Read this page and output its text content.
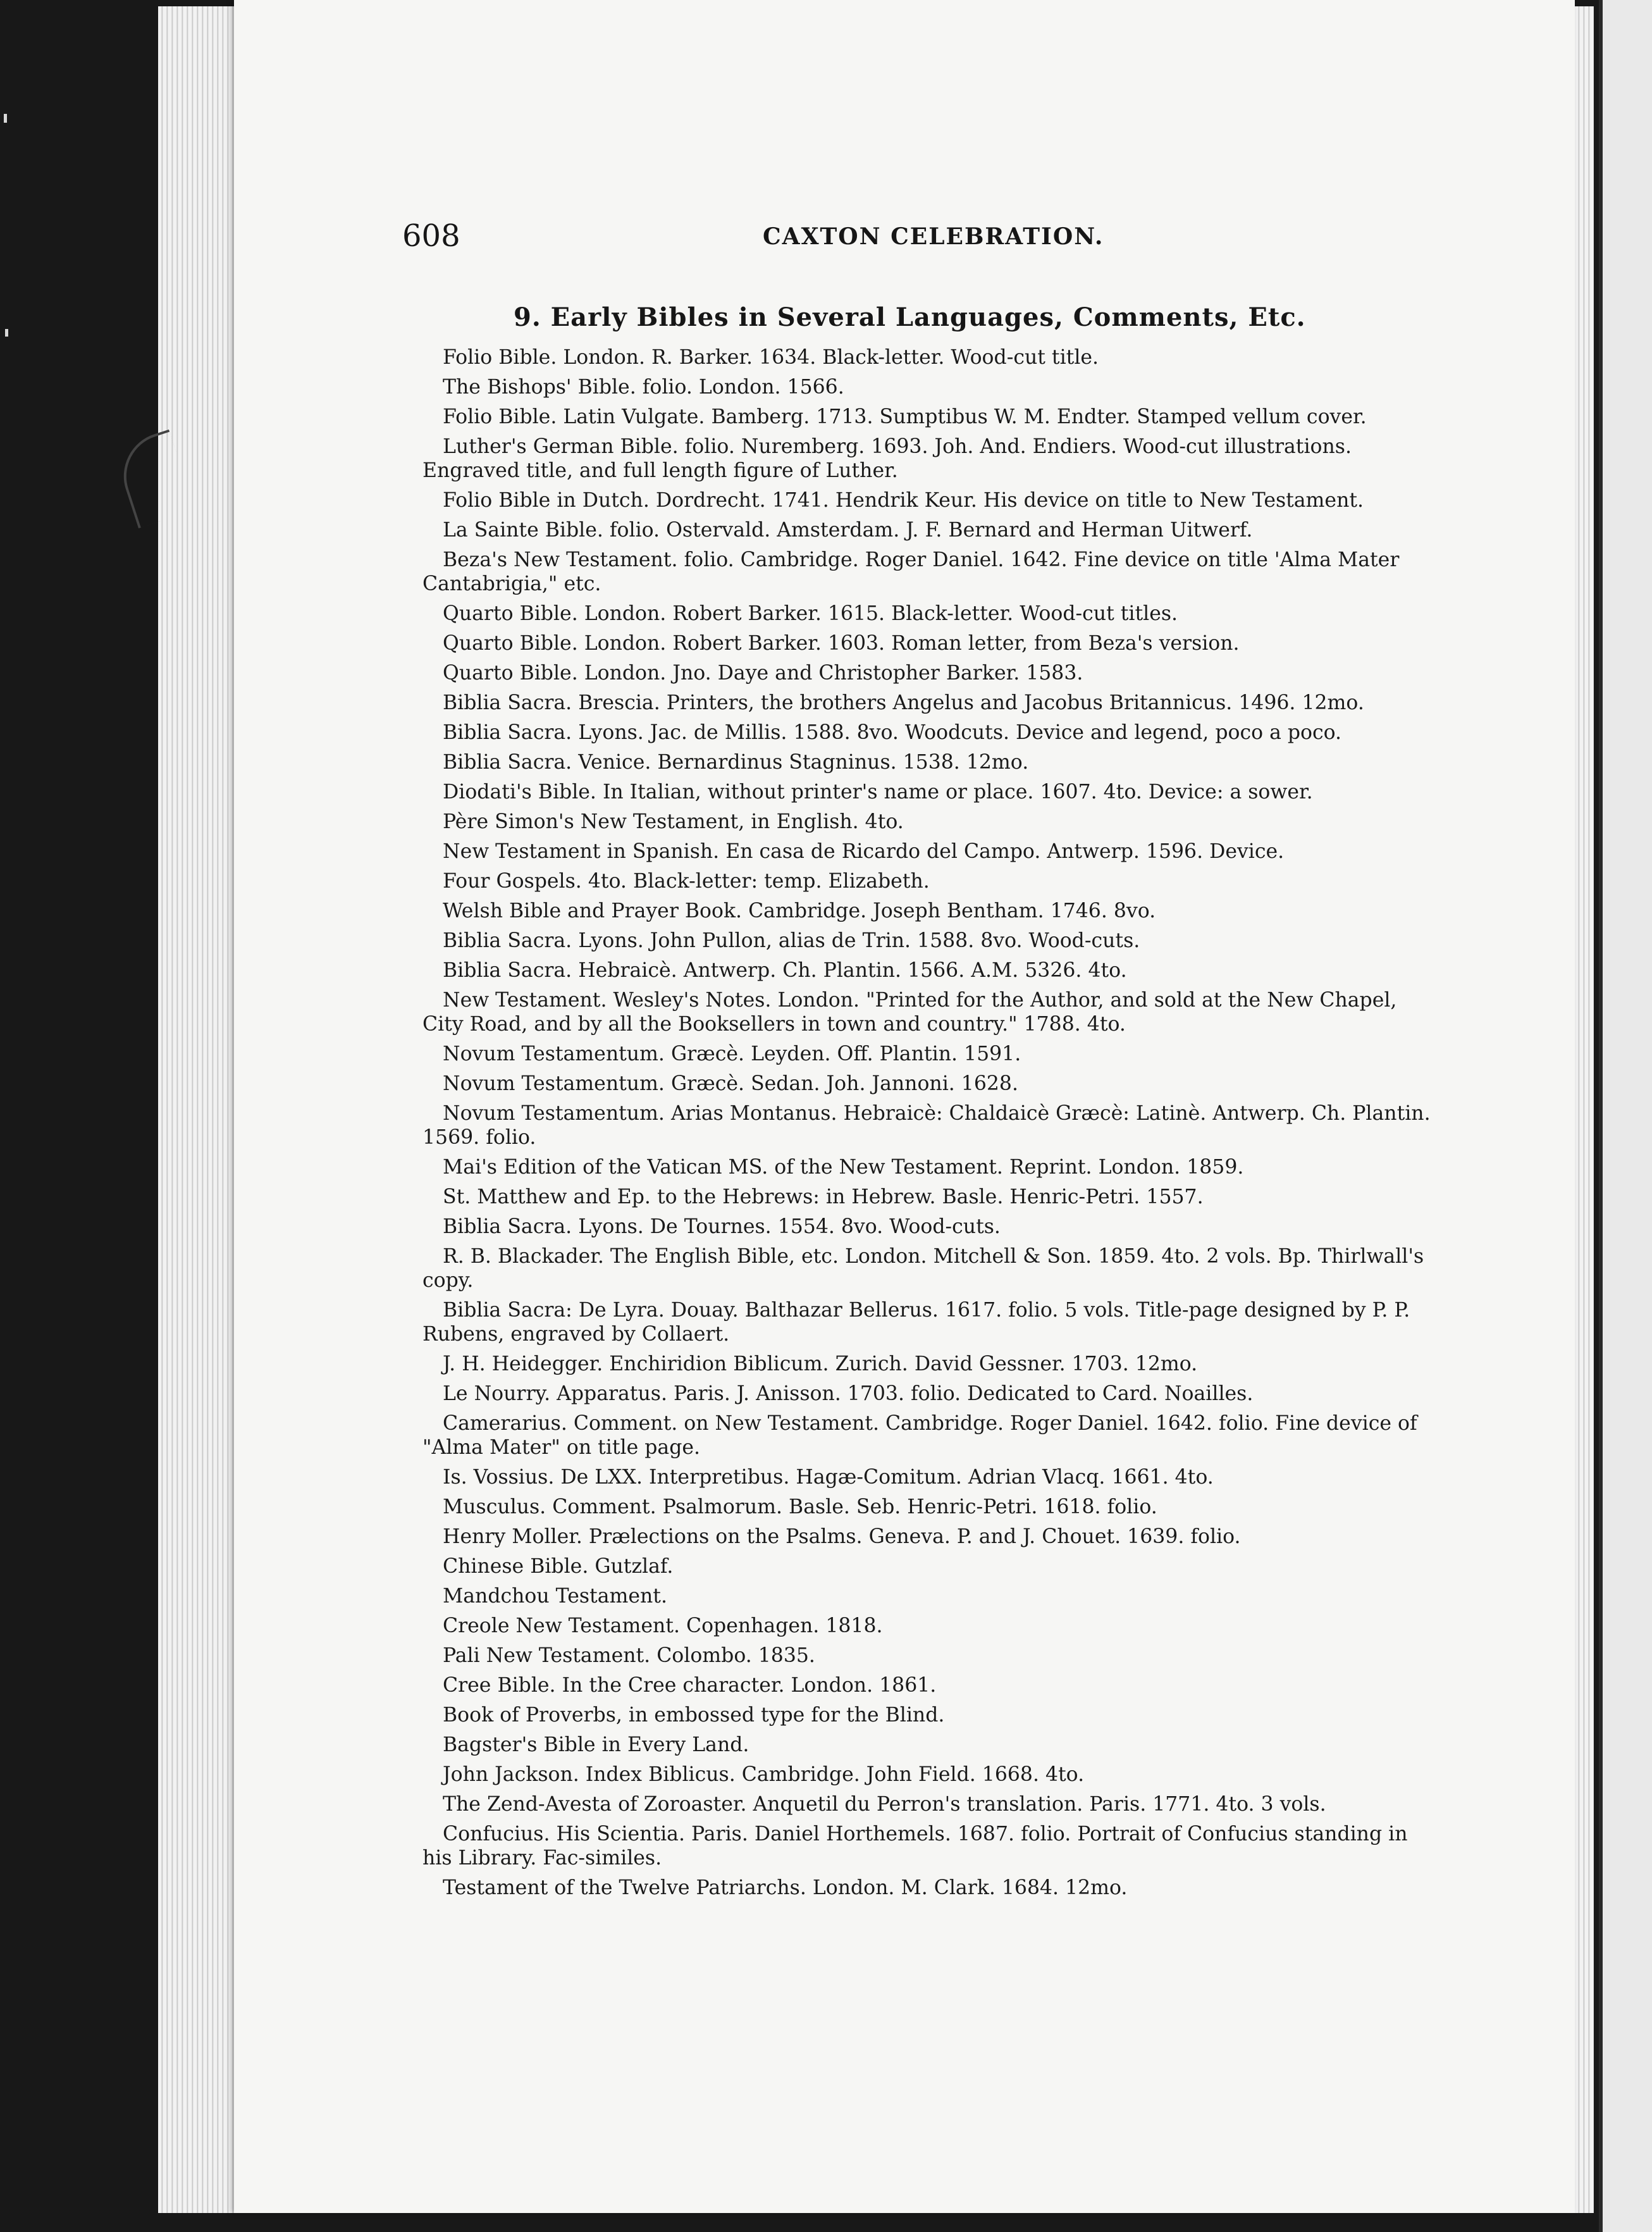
608	CAXTON CELEBRATION.
9. Early Bibles in Several Languages, Comments, Etc.

Folio Bible. London. R. Barker. 1634. Black-letter. Wood-cut title.

The Bishops' Bible. folio. London. 1566.

Folio Bible. Latin Vulgate. Bamberg. 1713. Sumptibus W. M. Endter. Stamped vellum cover.

Luther's German Bible. folio. Nuremberg. 1693. Joh. And. Endiers. Wood-cut illustrations. Engraved title, and full length figure of Luther.

Folio Bible in Dutch. Dordrecht. 1741. Hendrik Keur. His device on title to New Testament.

La Sainte Bible. folio. Ostervald. Amsterdam. J. F. Bernard and Herman Uitwerf.

Beza's New Testament. folio. Cambridge. Roger Daniel. 1642. Fine device on title 'Alma Mater Cantabrigia," etc.

Quarto Bible. London. Robert Barker. 1615. Black-letter. Wood-cut titles.

Quarto Bible. London. Robert Barker. 1603. Roman letter, from Beza's version.

Quarto Bible. London. Jno. Daye and Christopher Barker. 1583.

Biblia Sacra. Brescia. Printers, the brothers Angelus and Jacobus Britannicus. 1496. 12mo.

Biblia Sacra. Lyons. Jac. de Millis. 1588. 8vo. Woodcuts. Device and legend, poco a poco.

Biblia Sacra. Venice. Bernardinus Stagninus. 1538. 12mo.

Diodati's Bible. In Italian, without printer's name or place. 1607. 4to. Device: a sower.

Père Simon's New Testament, in English. 4to.

New Testament in Spanish. En casa de Ricardo del Campo. Antwerp. 1596. Device.

Four Gospels. 4to. Black-letter: temp. Elizabeth.

Welsh Bible and Prayer Book. Cambridge. Joseph Bentham. 1746. 8vo.

Biblia Sacra. Lyons. John Pullon, alias de Trin. 1588. 8vo. Wood-cuts.

Biblia Sacra. Hebraicè. Antwerp. Ch. Plantin. 1566. A.M. 5326. 4to.

New Testament. Wesley's Notes. London. "Printed for the Author, and sold at the New Chapel, City Road, and by all the Booksellers in town and country." 1788. 4to.

Novum Testamentum. Græcè. Leyden. Off. Plantin. 1591.

Novum Testamentum. Græcè. Sedan. Joh. Jannoni. 1628.

Novum Testamentum. Arias Montanus. Hebraicè: Chaldaicè Græcè: Latinè. Antwerp. Ch. Plantin. 1569. folio.

Mai's Edition of the Vatican MS. of the New Testament. Reprint. London. 1859.

St. Matthew and Ep. to the Hebrews: in Hebrew. Basle. Henric-Petri. 1557.

Biblia Sacra. Lyons. De Tournes. 1554. 8vo. Wood-cuts.

R. B. Blackader. The English Bible, etc. London. Mitchell & Son. 1859. 4to. 2 vols. Bp. Thirlwall's copy.

Biblia Sacra: De Lyra. Douay. Balthazar Bellerus. 1617. folio. 5 vols. Title-page designed by P. P. Rubens, engraved by Collaert.

J. H. Heidegger. Enchiridion Biblicum. Zurich. David Gessner. 1703. 12mo.

Le Nourry. Apparatus. Paris. J. Anisson. 1703. folio. Dedicated to Card. Noailles.

Camerarius. Comment. on New Testament. Cambridge. Roger Daniel. 1642. folio. Fine device of "Alma Mater" on title page.

Is. Vossius. De LXX. Interpretibus. Hagæ-Comitum. Adrian Vlacq. 1661. 4to.

Musculus. Comment. Psalmorum. Basle. Seb. Henric-Petri. 1618. folio.

Henry Moller. Prælections on the Psalms. Geneva. P. and J. Chouet. 1639. folio.

Chinese Bible. Gutzlaf.

Mandchou Testament.

Creole New Testament. Copenhagen. 1818.

Pali New Testament. Colombo. 1835.

Cree Bible. In the Cree character. London. 1861.

Book of Proverbs, in embossed type for the Blind.

Bagster's Bible in Every Land.

John Jackson. Index Biblicus. Cambridge. John Field. 1668. 4to.

The Zend-Avesta of Zoroaster. Anquetil du Perron's translation. Paris. 1771. 4to. 3 vols.

Confucius. His Scientia. Paris. Daniel Horthemels. 1687. folio. Portrait of Confucius standing in his Library. Fac-similes.

Testament of the Twelve Patriarchs. London. M. Clark. 1684. 12mo.
